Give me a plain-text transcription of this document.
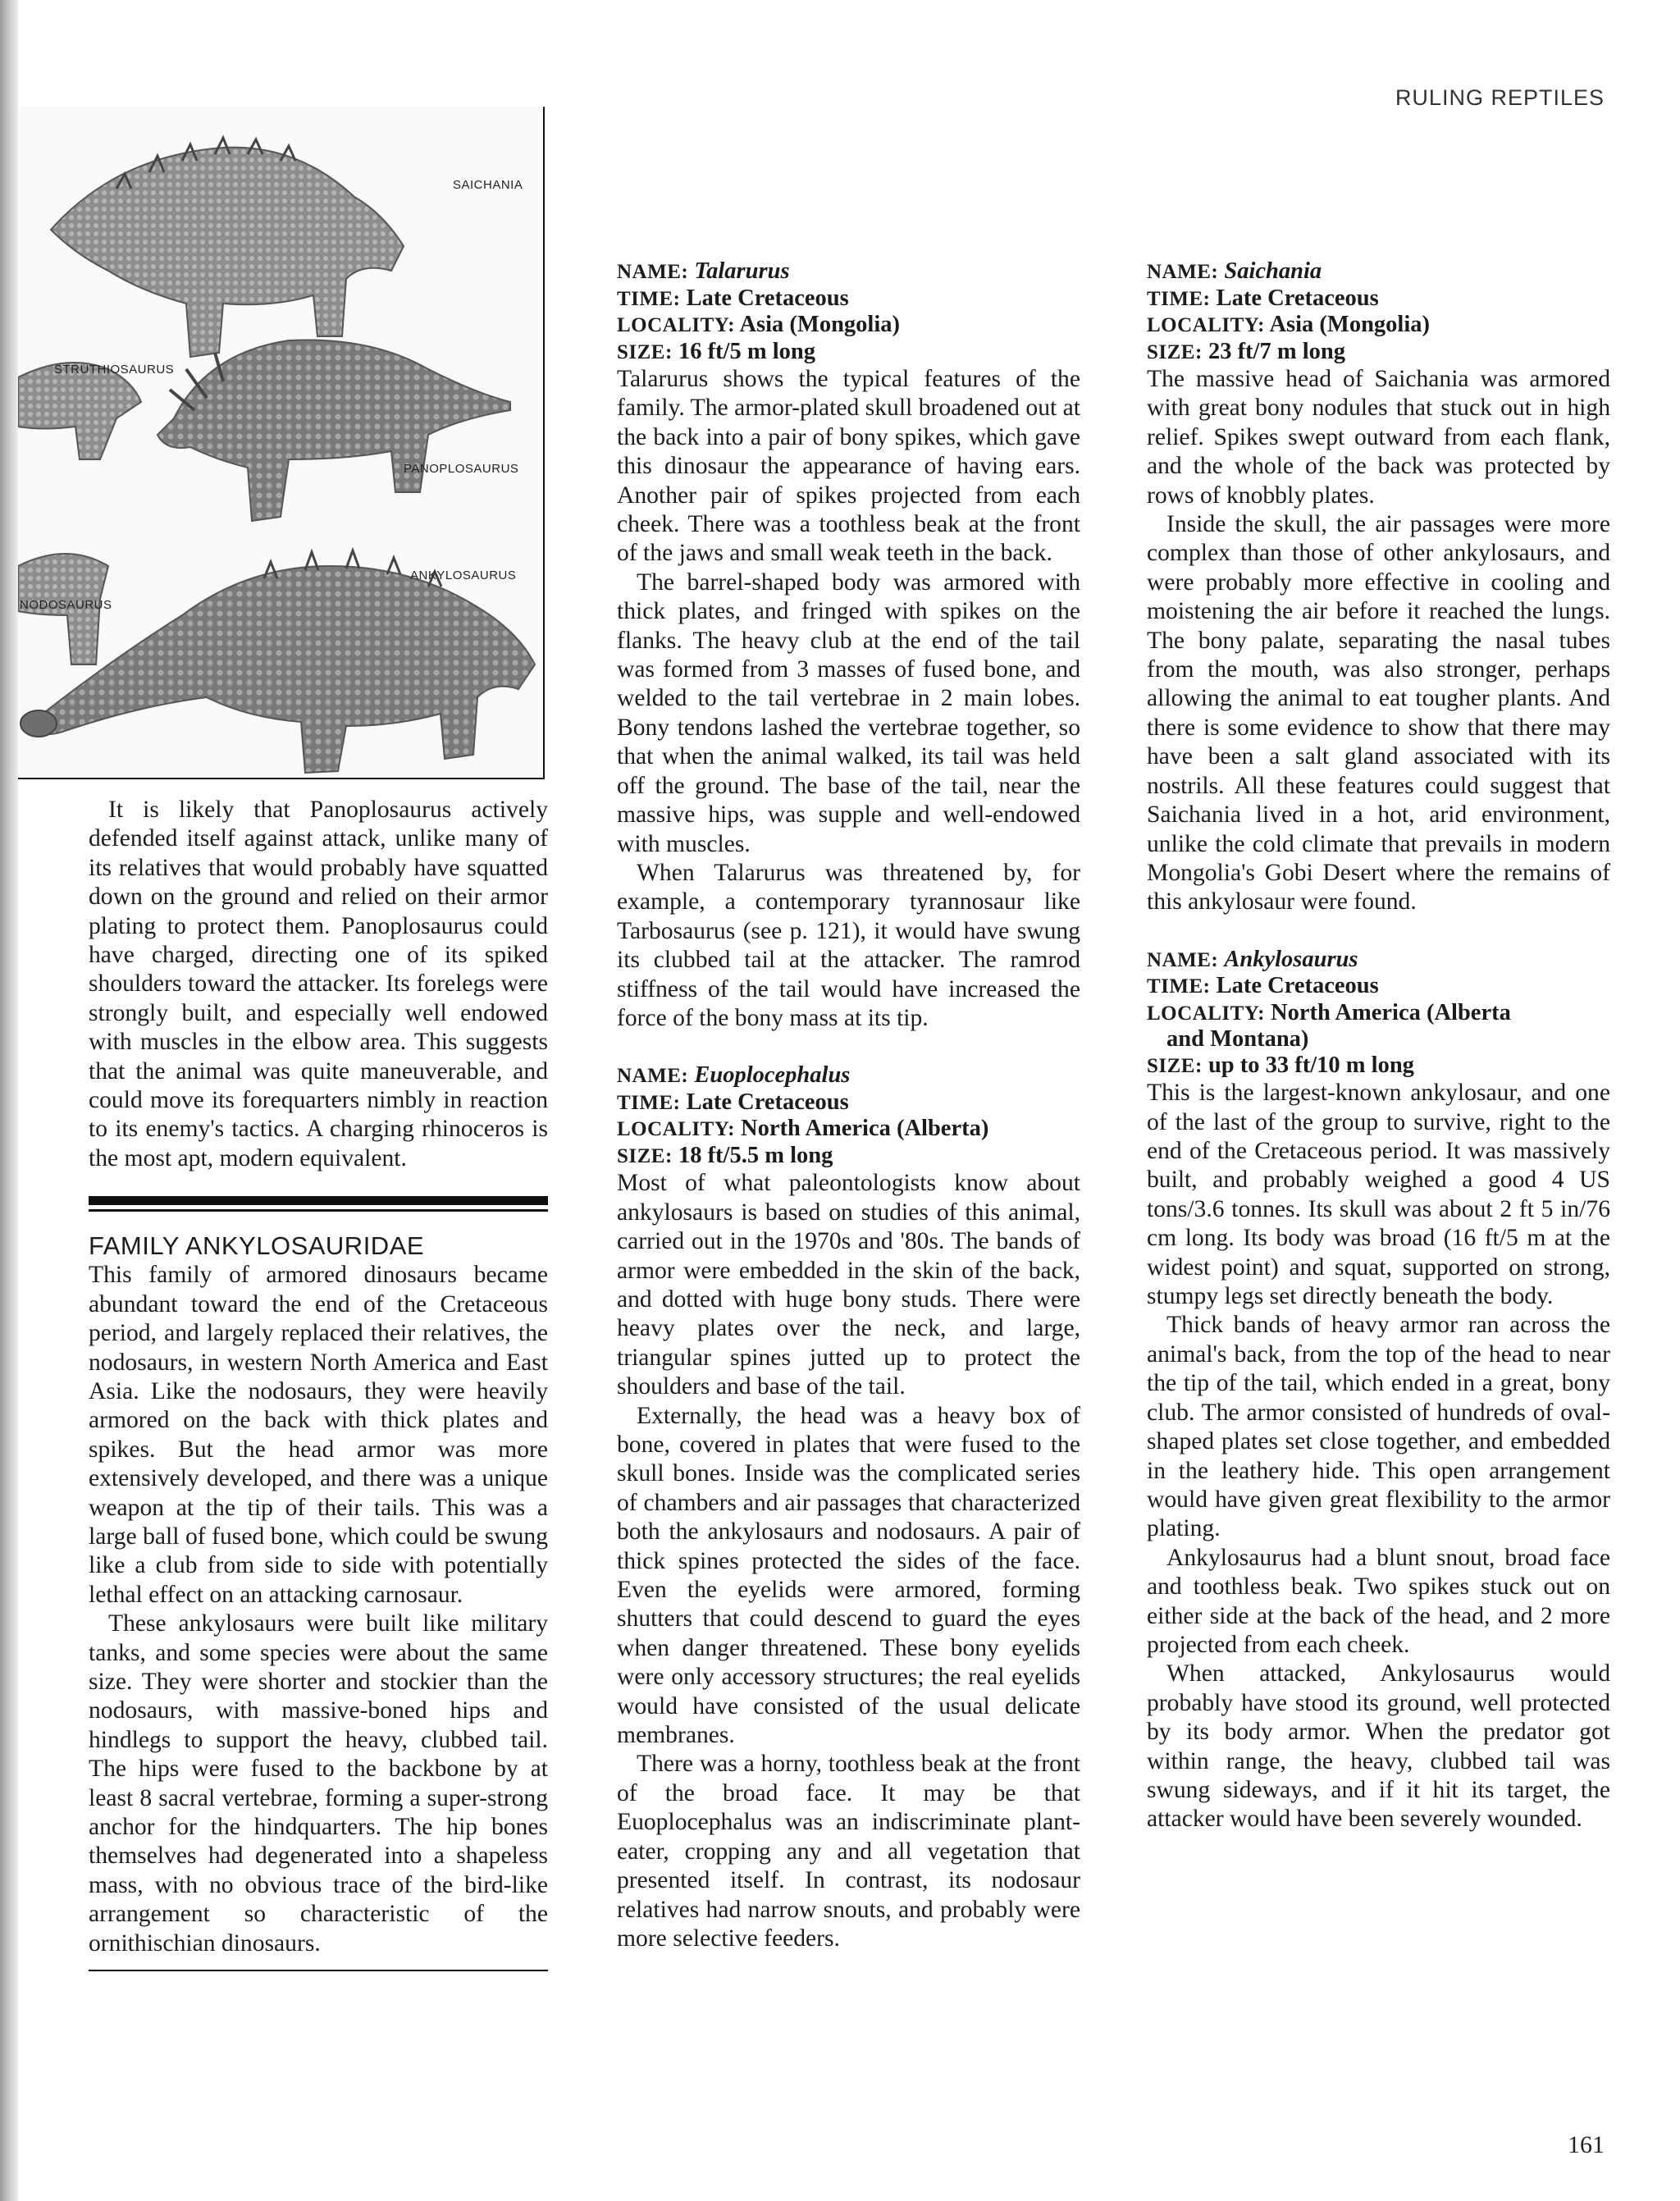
RULING REPTILES
SAICHANIA
STRUTHIOSAURUS
PANOPLOSAURUS
ANKYLOSAURUS
NODOSAURUS

It is likely that Panoplosaurus actively defended itself against attack, unlike many of its relatives that would probably have squatted down on the ground and relied on their armor plating to protect them. Panoplosaurus could have charged, directing one of its spiked shoulders toward the attacker. Its forelegs were strongly built, and especially well endowed with muscles in the elbow area. This suggests that the animal was quite maneuverable, and could move its forequarters nimbly in reaction to its enemy's tactics. A charging rhinoceros is the most apt, modern equivalent.

FAMILY ANKYLOSAURIDAE

This family of armored dinosaurs became abundant toward the end of the Cretaceous period, and largely replaced their relatives, the nodosaurs, in western North America and East Asia. Like the nodosaurs, they were heavily armored on the back with thick plates and spikes. But the head armor was more extensively developed, and there was a unique weapon at the tip of their tails. This was a large ball of fused bone, which could be swung like a club from side to side with potentially lethal effect on an attacking carnosaur.

These ankylosaurs were built like military tanks, and some species were about the same size. They were shorter and stockier than the nodosaurs, with massive-boned hips and hindlegs to support the heavy, clubbed tail. The hips were fused to the backbone by at least 8 sacral vertebrae, forming a super-strong anchor for the hindquarters. The hip bones themselves had degenerated into a shapeless mass, with no obvious trace of the bird-like arrangement so characteristic of the ornithischian dinosaurs.

NAME: Talarurus
TIME: Late Cretaceous
LOCALITY: Asia (Mongolia)
SIZE: 16 ft/5 m long

Talarurus shows the typical features of the family. The armor-plated skull broadened out at the back into a pair of bony spikes, which gave this dinosaur the appearance of having ears. Another pair of spikes projected from each cheek. There was a toothless beak at the front of the jaws and small weak teeth in the back.

The barrel-shaped body was armored with thick plates, and fringed with spikes on the flanks. The heavy club at the end of the tail was formed from 3 masses of fused bone, and welded to the tail vertebrae in 2 main lobes. Bony tendons lashed the vertebrae together, so that when the animal walked, its tail was held off the ground. The base of the tail, near the massive hips, was supple and well-endowed with muscles.

When Talarurus was threatened by, for example, a contemporary tyrannosaur like Tarbosaurus (see p. 121), it would have swung its clubbed tail at the attacker. The ramrod stiffness of the tail would have increased the force of the bony mass at its tip.

NAME: Euoplocephalus
TIME: Late Cretaceous
LOCALITY: North America (Alberta)
SIZE: 18 ft/5.5 m long

Most of what paleontologists know about ankylosaurs is based on studies of this animal, carried out in the 1970s and '80s. The bands of armor were embedded in the skin of the back, and dotted with huge bony studs. There were heavy plates over the neck, and large, triangular spines jutted up to protect the shoulders and base of the tail.

Externally, the head was a heavy box of bone, covered in plates that were fused to the skull bones. Inside was the complicated series of chambers and air passages that characterized both the ankylosaurs and nodosaurs. A pair of thick spines protected the sides of the face. Even the eyelids were armored, forming shutters that could descend to guard the eyes when danger threatened. These bony eyelids were only accessory structures; the real eyelids would have consisted of the usual delicate membranes.

There was a horny, toothless beak at the front of the broad face. It may be that Euoplocephalus was an indiscriminate plant-eater, cropping any and all vegetation that presented itself. In contrast, its nodosaur relatives had narrow snouts, and probably were more selective feeders.

NAME: Saichania
TIME: Late Cretaceous
LOCALITY: Asia (Mongolia)
SIZE: 23 ft/7 m long

The massive head of Saichania was armored with great bony nodules that stuck out in high relief. Spikes swept outward from each flank, and the whole of the back was protected by rows of knobbly plates.

Inside the skull, the air passages were more complex than those of other ankylosaurs, and were probably more effective in cooling and moistening the air before it reached the lungs. The bony palate, separating the nasal tubes from the mouth, was also stronger, perhaps allowing the animal to eat tougher plants. And there is some evidence to show that there may have been a salt gland associated with its nostrils. All these features could suggest that Saichania lived in a hot, arid environment, unlike the cold climate that prevails in modern Mongolia's Gobi Desert where the remains of this ankylosaur were found.

NAME: Ankylosaurus
TIME: Late Cretaceous
LOCALITY: North America (Alberta
and Montana)
SIZE: up to 33 ft/10 m long

This is the largest-known ankylosaur, and one of the last of the group to survive, right to the end of the Cretaceous period. It was massively built, and probably weighed a good 4 US tons/3.6 tonnes. Its skull was about 2 ft 5 in/76 cm long. Its body was broad (16 ft/5 m at the widest point) and squat, supported on strong, stumpy legs set directly beneath the body.

Thick bands of heavy armor ran across the animal's back, from the top of the head to near the tip of the tail, which ended in a great, bony club. The armor consisted of hundreds of oval-shaped plates set close together, and embedded in the leathery hide. This open arrangement would have given great flexibility to the armor plating.

Ankylosaurus had a blunt snout, broad face and toothless beak. Two spikes stuck out on either side at the back of the head, and 2 more projected from each cheek.

When attacked, Ankylosaurus would probably have stood its ground, well protected by its body armor. When the predator got within range, the heavy, clubbed tail was swung sideways, and if it hit its target, the attacker would have been severely wounded.

161
